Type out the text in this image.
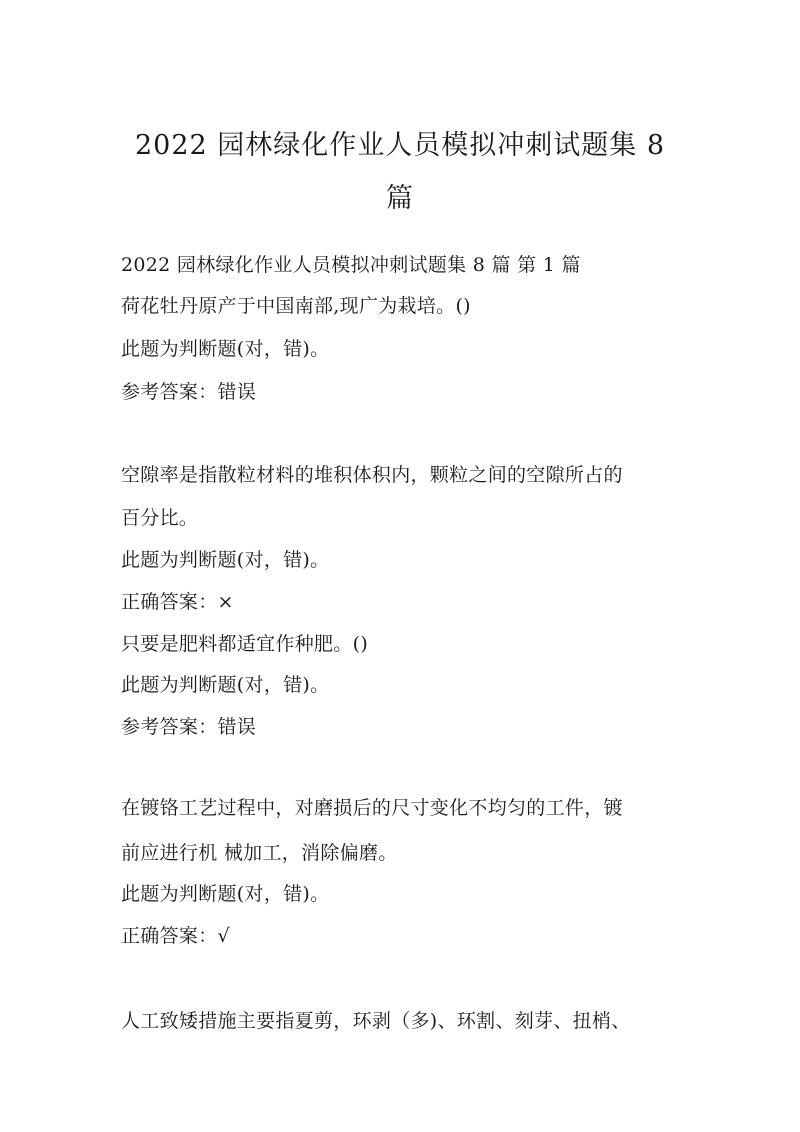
2022 园林绿化作业人员模拟冲刺试题集 8
篇
2022 园林绿化作业人员模拟冲刺试题集 8 篇 第 1 篇
荷花牡丹原产于中国南部,现广为栽培。()
此题为判断题(对，错)。
参考答案：错误
空隙率是指散粒材料的堆积体积内，颗粒之间的空隙所占的
百分比。
此题为判断题(对，错)。
正确答案：×
只要是肥料都适宜作种肥。()
此题为判断题(对，错)。
参考答案：错误
在镀铬工艺过程中，对磨损后的尺寸变化不均匀的工件，镀
前应进行机 械加工，消除偏磨。
此题为判断题(对，错)。
正确答案：√
人工致矮措施主要指夏剪，环剥（多)、环割、刻芽、扭梢、
